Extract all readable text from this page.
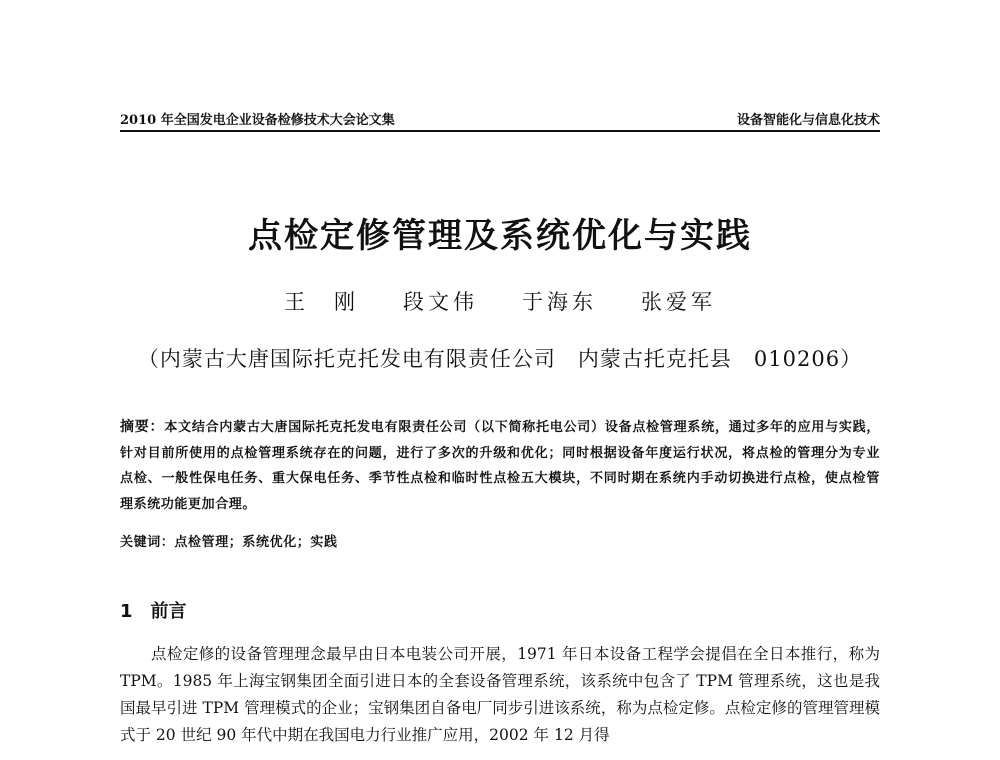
2010 年全国发电企业设备检修技术大会论文集	设备智能化与信息化技术
点检定修管理及系统优化与实践
王　刚 段文伟 于海东 张爱军
（内蒙古大唐国际托克托发电有限责任公司　内蒙古托克托县　010206）
摘要：本文结合内蒙古大唐国际托克托发电有限责任公司（以下简称托电公司）设备点检管理系统，通过多年的应用与实践，针对目前所使用的点检管理系统存在的问题，进行了多次的升级和优化；同时根据设备年度运行状况，将点检的管理分为专业点检、一般性保电任务、重大保电任务、季节性点检和临时性点检五大模块，不同时期在系统内手动切换进行点检，使点检管理系统功能更加合理。
关键词：点检管理；系统优化；实践
1 前言
点检定修的设备管理理念最早由日本电装公司开展，1971 年日本设备工程学会提倡在全日本推行，称为 TPM。1985 年上海宝钢集团全面引进日本的全套设备管理系统，该系统中包含了 TPM 管理系统，这也是我国最早引进 TPM 管理模式的企业；宝钢集团自备电厂同步引进该系统，称为点检定修。点检定修的管理管理模式于 20 世纪 90 年代中期在我国电力行业推广应用，2002 年 12 月得
